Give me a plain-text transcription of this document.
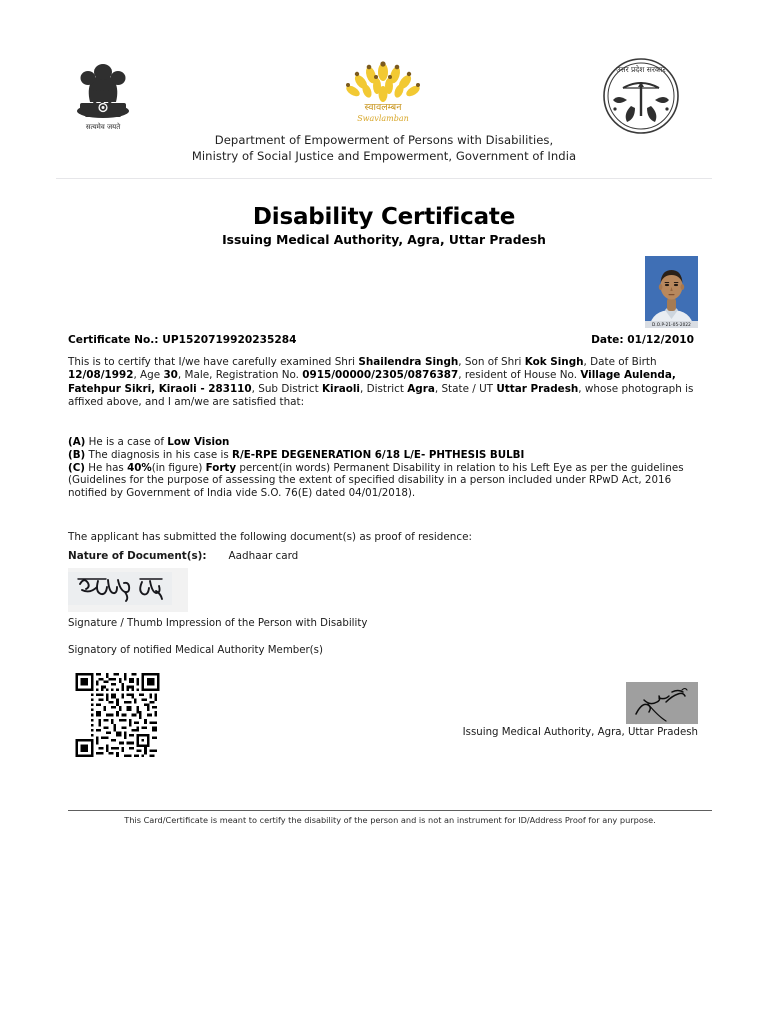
सत्यमेव जयते
स्वावलम्बन
Swavlamban
उत्तर प्रदेश सरकार
Department of Empowerment of Persons with Disabilities,
Ministry of Social Justice and Empowerment, Government of India
Disability Certificate
Issuing Medical Authority, Agra, Uttar Pradesh
D.O.P-21-05-2022
Date: 01/12/2010
Certificate No.: UP1520719920235284
This is to certify that I/we have carefully examined Shri Shailendra Singh, Son of Shri Kok Singh, Date of Birth 12/08/1992, Age 30, Male, Registration No. 0915/00000/2305/0876387, resident of House No. Village Aulenda, Fatehpur Sikri, Kiraoli - 283110, Sub District Kiraoli, District Agra, State / UT Uttar Pradesh, whose photograph is affixed above, and I am/we are satisfied that:
(A) He is a case of Low Vision
(B) The diagnosis in his case is R/E-RPE DEGENERATION 6/18 L/E- PHTHESIS BULBI
(C) He has 40%(in figure) Forty percent(in words) Permanent Disability in relation to his Left Eye as per the guidelines (Guidelines for the purpose of assessing the extent of specified disability in a person included under RPwD Act, 2016 notified by Government of India vide S.O. 76(E) dated 04/01/2018).
The applicant has submitted the following document(s) as proof of residence:
Nature of Document(s): Aadhaar card
Signature / Thumb Impression of the Person with Disability
Signatory of notified Medical Authority Member(s)
Issuing Medical Authority, Agra, Uttar Pradesh
This Card/Certificate is meant to certify the disability of the person and is not an instrument for ID/Address Proof for any purpose.
